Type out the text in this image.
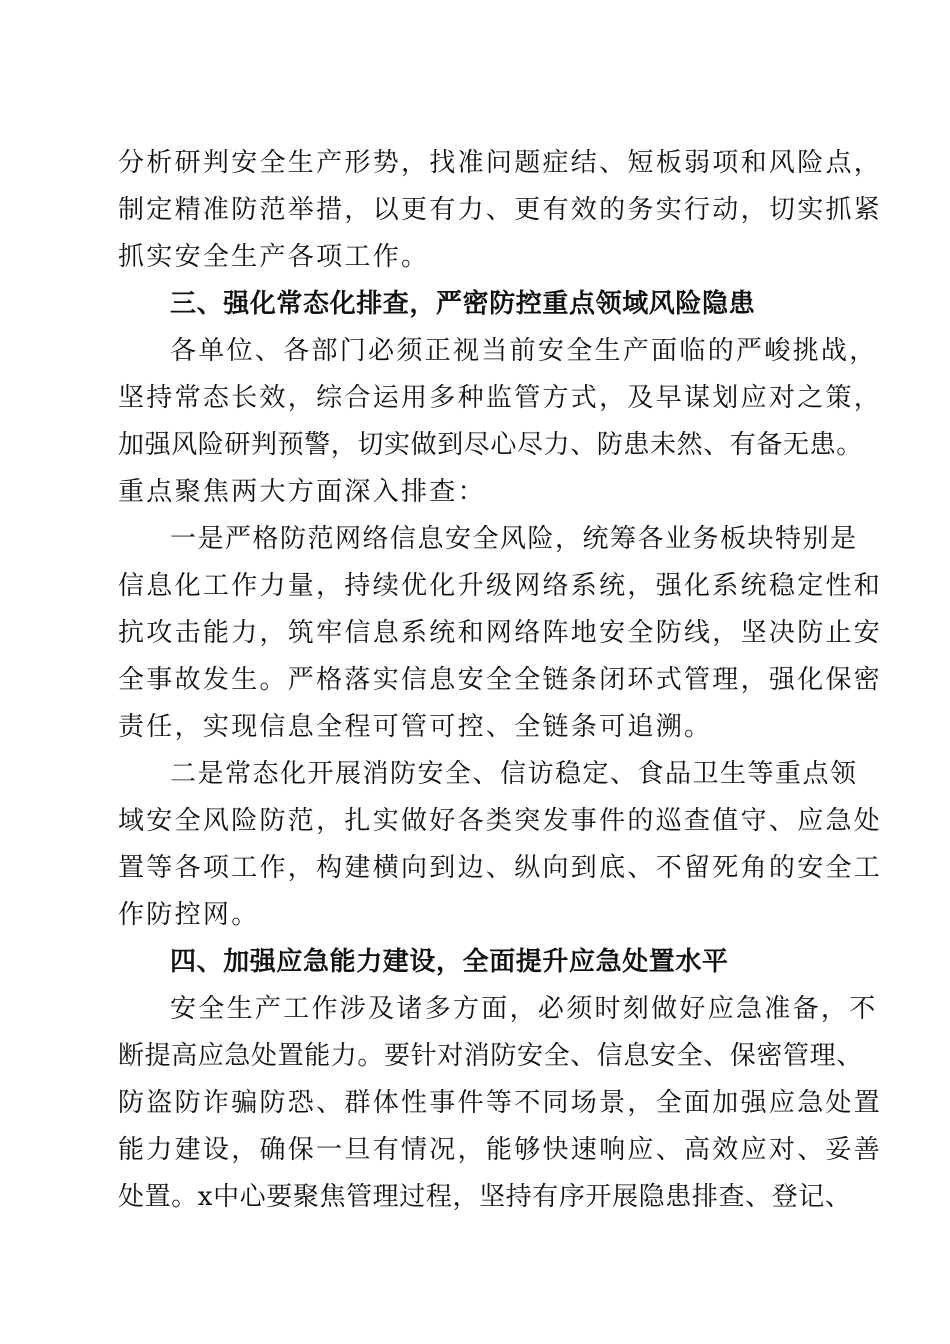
分析研判安全生产形势，找准问题症结、短板弱项和风险点，
制定精准防范举措，以更有力、更有效的务实行动，切实抓紧
抓实安全生产各项工作。
三、强化常态化排查，严密防控重点领域风险隐患
各单位、各部门必须正视当前安全生产面临的严峻挑战，
坚持常态长效，综合运用多种监管方式，及早谋划应对之策，
加强风险研判预警，切实做到尽心尽力、防患未然、有备无患。
重点聚焦两大方面深入排查：
一是严格防范网络信息安全风险，统筹各业务板块特别是
信息化工作力量，持续优化升级网络系统，强化系统稳定性和
抗攻击能力，筑牢信息系统和网络阵地安全防线，坚决防止安
全事故发生。严格落实信息安全全链条闭环式管理，强化保密
责任，实现信息全程可管可控、全链条可追溯。
二是常态化开展消防安全、信访稳定、食品卫生等重点领
域安全风险防范，扎实做好各类突发事件的巡查值守、应急处
置等各项工作，构建横向到边、纵向到底、不留死角的安全工
作防控网。
四、加强应急能力建设，全面提升应急处置水平
安全生产工作涉及诸多方面，必须时刻做好应急准备，不
断提高应急处置能力。要针对消防安全、信息安全、保密管理、
防盗防诈骗防恐、群体性事件等不同场景，全面加强应急处置
能力建设，确保一旦有情况，能够快速响应、高效应对、妥善
处置。x中心要聚焦管理过程，坚持有序开展隐患排查、登记、
